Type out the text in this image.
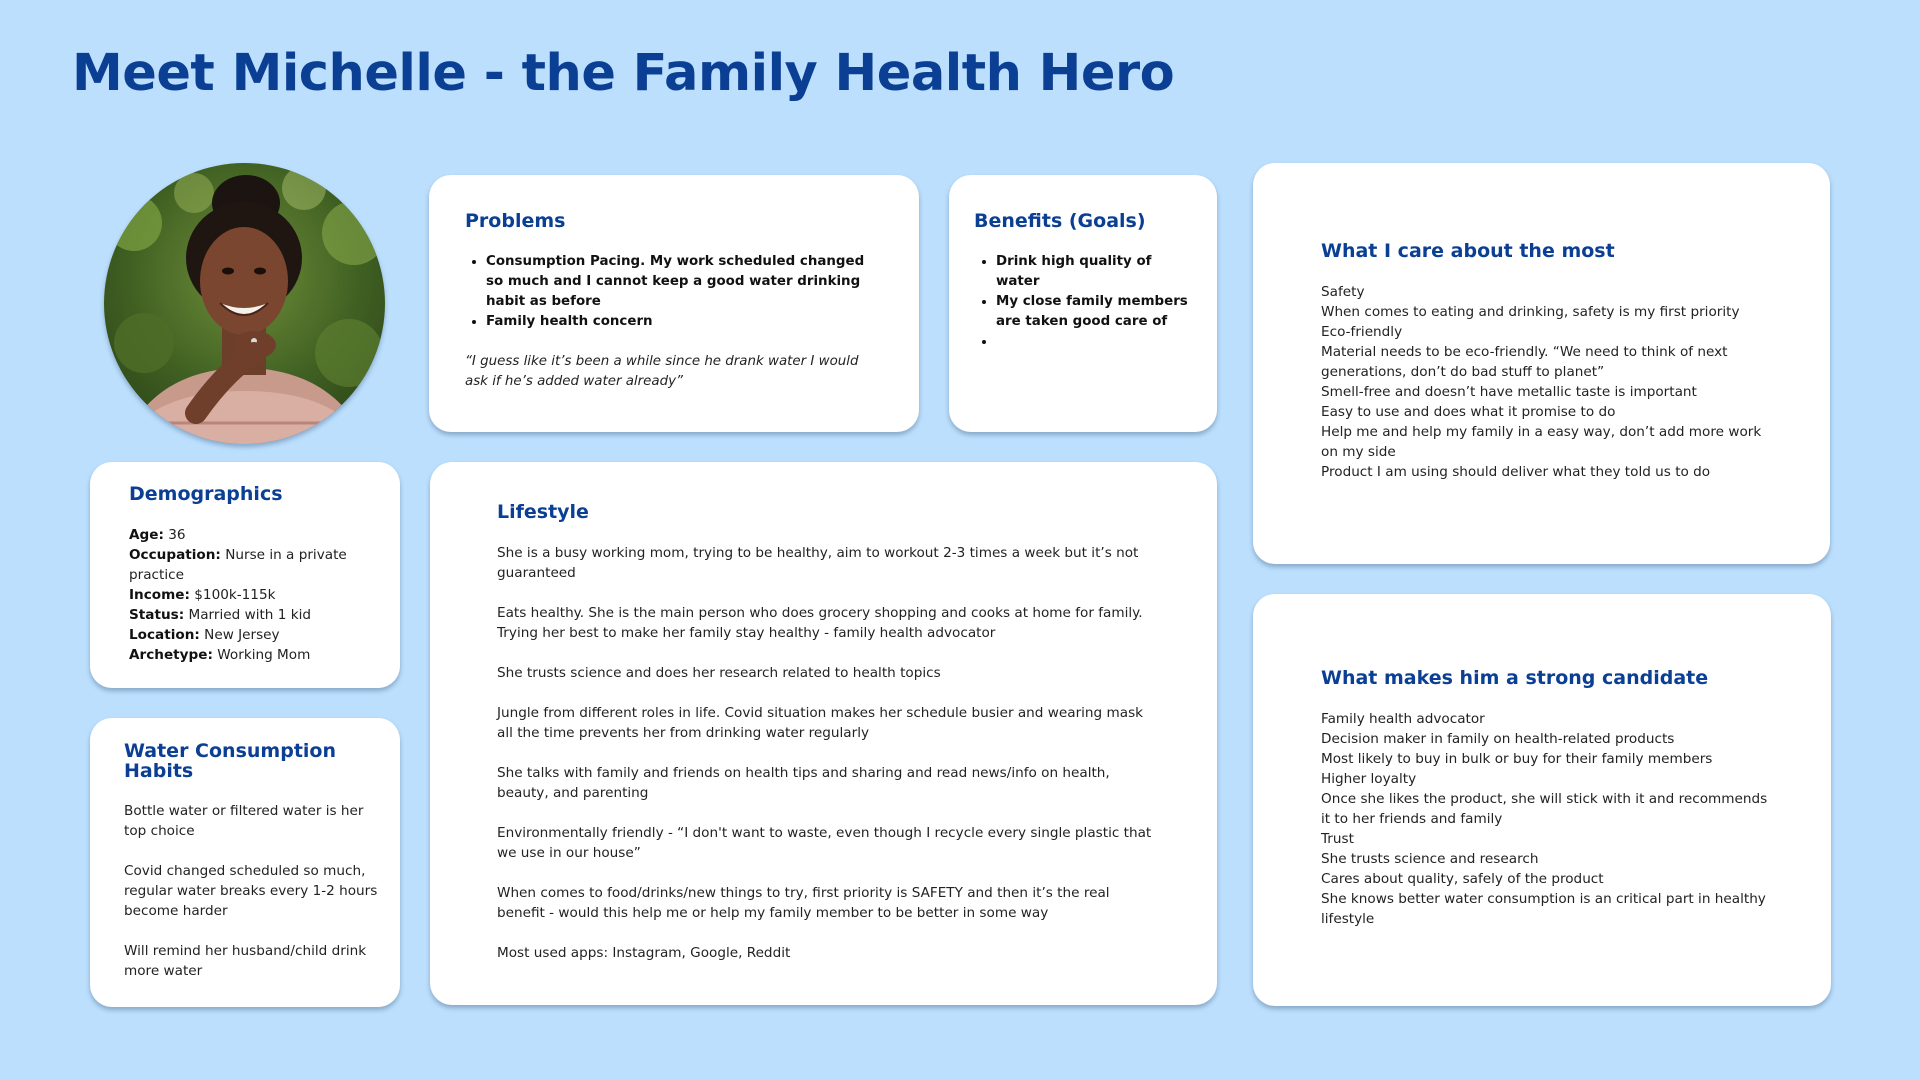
Meet Michelle - the Family Health Hero
Problems
• Consumption Pacing. My work scheduled changed so much and I cannot keep a good water drinking habit as before
• Family health concern

“I guess like it’s been a while since he drank water I would ask if he’s added water already”

Benefits (Goals)
• Drink high quality of water
• My close family members are taken good care of
•
What I care about the most
Safety
When comes to eating and drinking, safety is my first priority
Eco-friendly
Material needs to be eco-friendly. “We need to think of next generations, don’t do bad stuff to planet”
Smell-free and doesn’t have metallic taste is important
Easy to use and does what it promise to do
Help me and help my family in a easy way, don’t add more work on my side
Product I am using should deliver what they told us to do
Demographics
Age: 36
Occupation: Nurse in a private practice
Income: $100k-115k
Status: Married with 1 kid
Location: New Jersey
Archetype: Working Mom
Lifestyle

She is a busy working mom, trying to be healthy, aim to workout 2-3 times a week but it’s not guaranteed

Eats healthy. She is the main person who does grocery shopping and cooks at home for family. Trying her best to make her family stay healthy - family health advocator

She trusts science and does her research related to health topics

Jungle from different roles in life. Covid situation makes her schedule busier and wearing mask all the time prevents her from drinking water regularly

She talks with family and friends on health tips and sharing and read news/info on health, beauty, and parenting

Environmentally friendly - “I don't want to waste, even though I recycle every single plastic that we use in our house”

When comes to food/drinks/new things to try, first priority is SAFETY and then it’s the real benefit - would this help me or help my family member to be better in some way

Most used apps: Instagram, Google, Reddit

What makes him a strong candidate
Family health advocator
Decision maker in family on health-related products
Most likely to buy in bulk or buy for their family members
Higher loyalty
Once she likes the product, she will stick with it and recommends it to her friends and family
Trust
She trusts science and research
Cares about quality, safely of the product
She knows better water consumption is an critical part in healthy lifestyle
Water Consumption Habits

Bottle water or filtered water is her top choice

Covid changed scheduled so much, regular water breaks every 1-2 hours become harder

Will remind her husband/child drink more water
